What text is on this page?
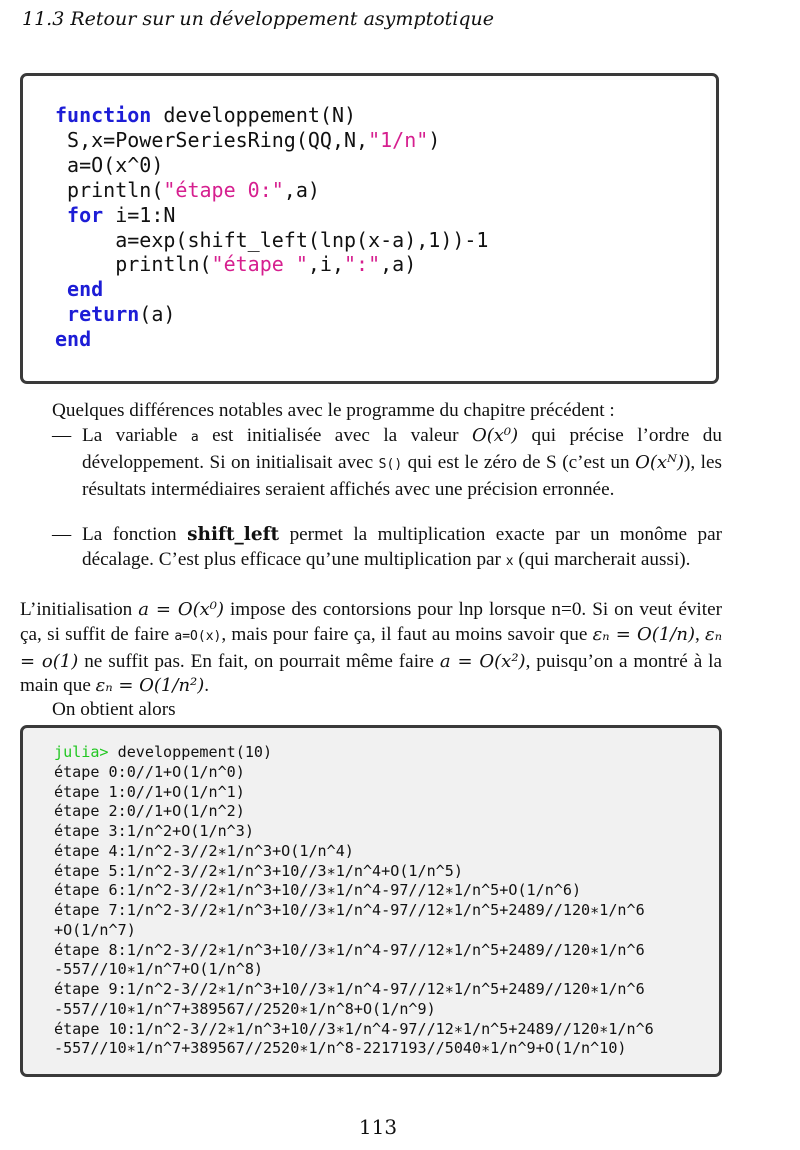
11.3 Retour sur un développement asymptotique
function developpement(N)
S,x=PowerSeriesRing(QQ,N,"1/n")
a=O(x^0)
println("étape 0:",a)
for i=1:N
a=exp(shift_left(lnp(x-a),1))-1
println("étape ",i,":",a)
end
return(a)
end
Quelques différences notables avec le programme du chapitre précédent :
— La variable a est initialisée avec la valeur O(x⁰) qui précise l’ordre du développement. Si on initialisait avec S() qui est le zéro de S (c’est un O(xᴺ)), les résultats intermédiaires seraient affichés avec une précision erronnée.
— La fonction shift_left permet la multiplication exacte par un monôme par décalage. C’est plus efficace qu’une multiplication par x (qui marcherait aussi).
L’initialisation a = O(x⁰) impose des contorsions pour lnp lorsque n=0. Si on veut éviter ça, si suffit de faire a=O(x), mais pour faire ça, il faut au moins savoir que εₙ = O(1/n), εₙ = o(1) ne suffit pas. En fait, on pourrait même faire a = O(x²), puisqu’on a montré à la main que εₙ = O(1/n²).
On obtient alors
julia> developpement(10)
étape 0:0//1+O(1/n^0)
étape 1:0//1+O(1/n^1)
étape 2:0//1+O(1/n^2)
étape 3:1/n^2+O(1/n^3)
étape 4:1/n^2-3//2∗1/n^3+O(1/n^4)
étape 5:1/n^2-3//2∗1/n^3+10//3∗1/n^4+O(1/n^5)
étape 6:1/n^2-3//2∗1/n^3+10//3∗1/n^4-97//12∗1/n^5+O(1/n^6)
étape 7:1/n^2-3//2∗1/n^3+10//3∗1/n^4-97//12∗1/n^5+2489//120∗1/n^6
+O(1/n^7)
étape 8:1/n^2-3//2∗1/n^3+10//3∗1/n^4-97//12∗1/n^5+2489//120∗1/n^6
-557//10∗1/n^7+O(1/n^8)
étape 9:1/n^2-3//2∗1/n^3+10//3∗1/n^4-97//12∗1/n^5+2489//120∗1/n^6
-557//10∗1/n^7+389567//2520∗1/n^8+O(1/n^9)
étape 10:1/n^2-3//2∗1/n^3+10//3∗1/n^4-97//12∗1/n^5+2489//120∗1/n^6
-557//10∗1/n^7+389567//2520∗1/n^8-2217193//5040∗1/n^9+O(1/n^10)
113
